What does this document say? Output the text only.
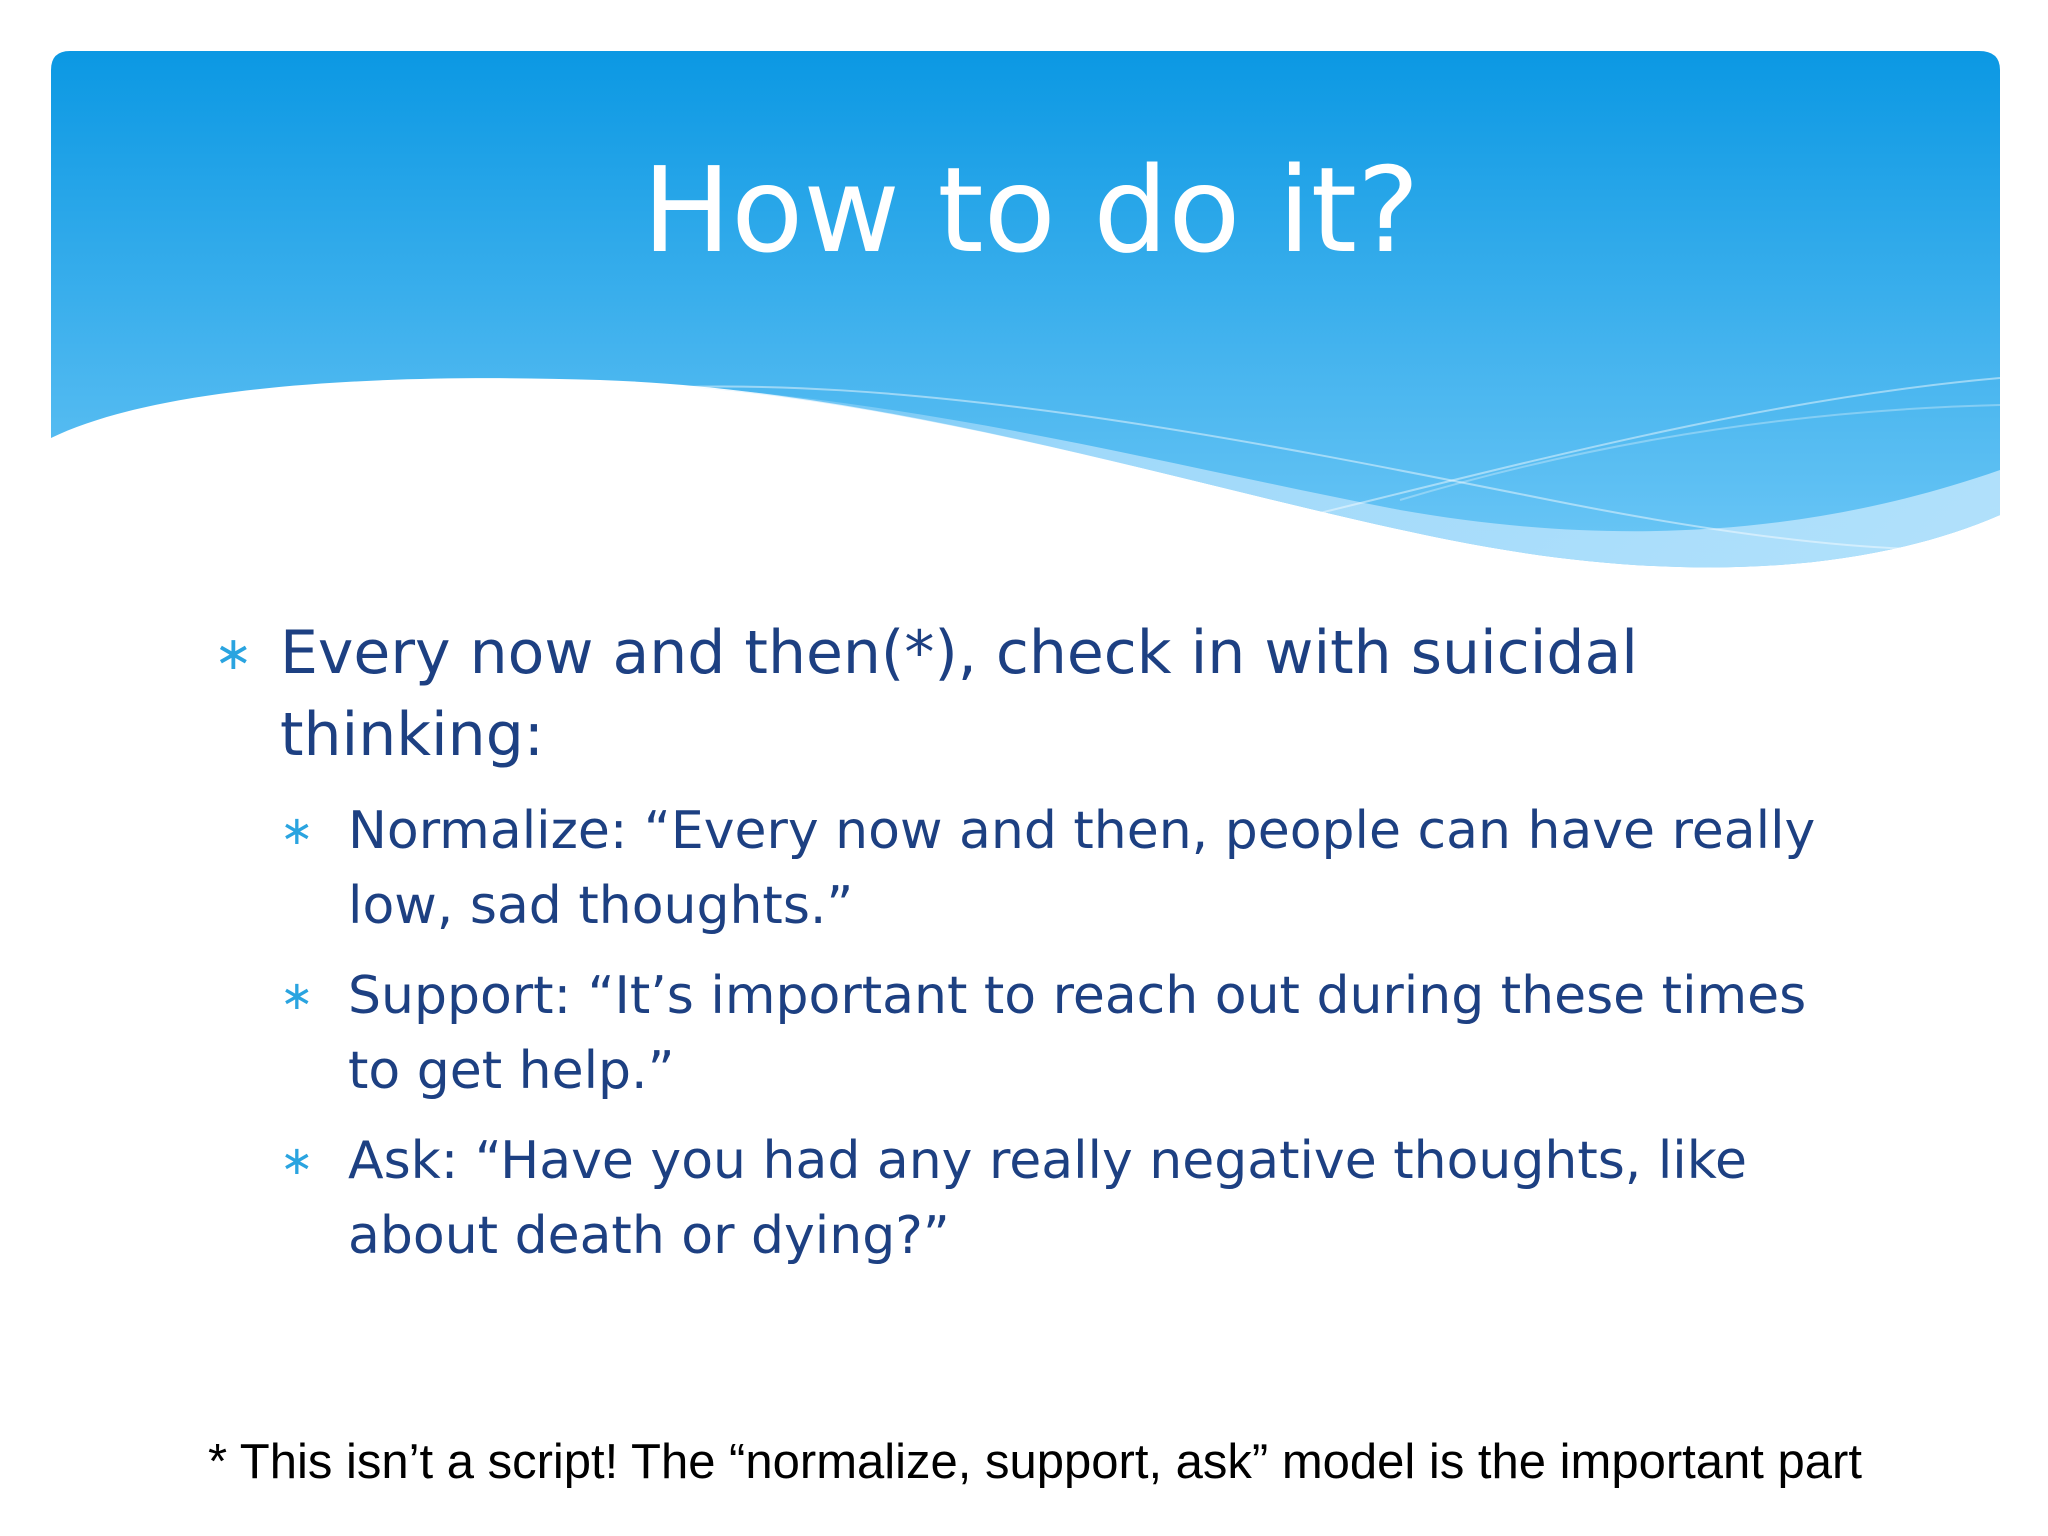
How to do it?
∗ Every now and then(*), check in with suicidal thinking:
∗ Normalize: “Every now and then, people can have really low, sad thoughts.”
∗ Support: “It’s important to reach out during these times to get help.”
∗ Ask: “Have you had any really negative thoughts, like about death or dying?”
* This isn’t a script! The “normalize, support, ask” model is the important part
